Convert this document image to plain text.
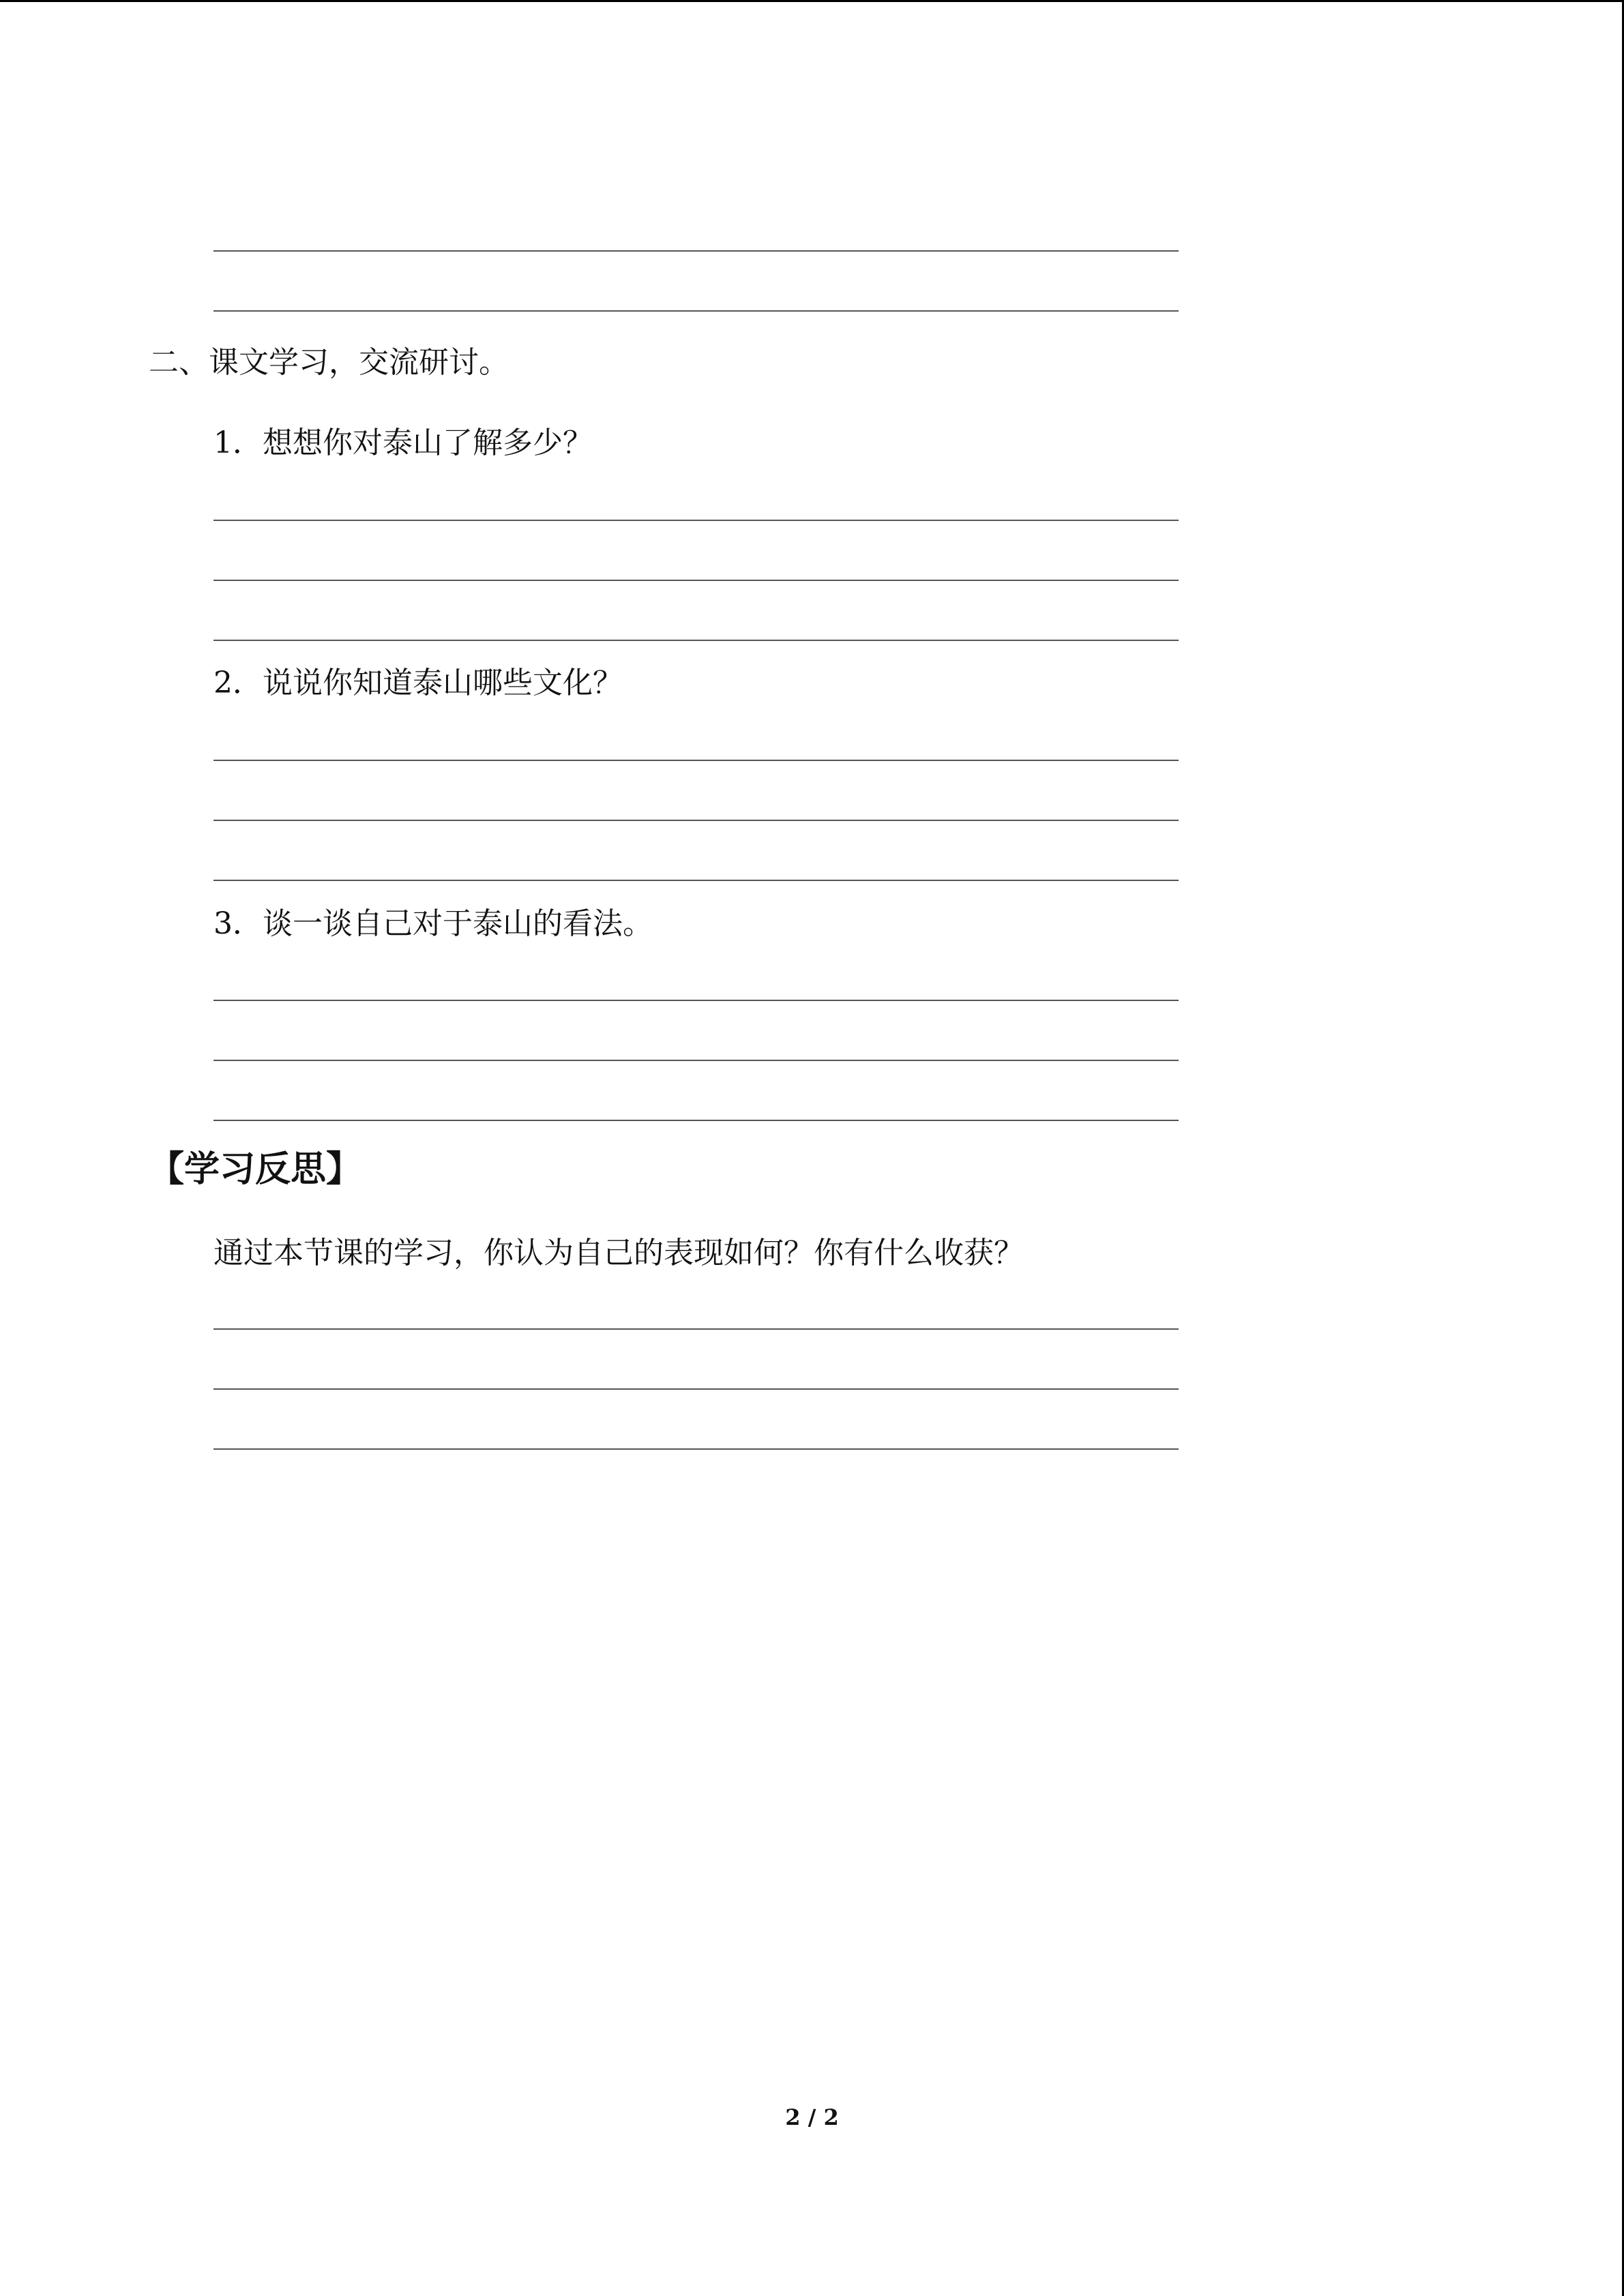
二、课文学习，交流研讨。
1．想想你对泰山了解多少？
2．说说你知道泰山哪些文化？
3．谈一谈自己对于泰山的看法。
【学习反思】
通过本节课的学习，你认为自己的表现如何？你有什么收获？
2 / 2
